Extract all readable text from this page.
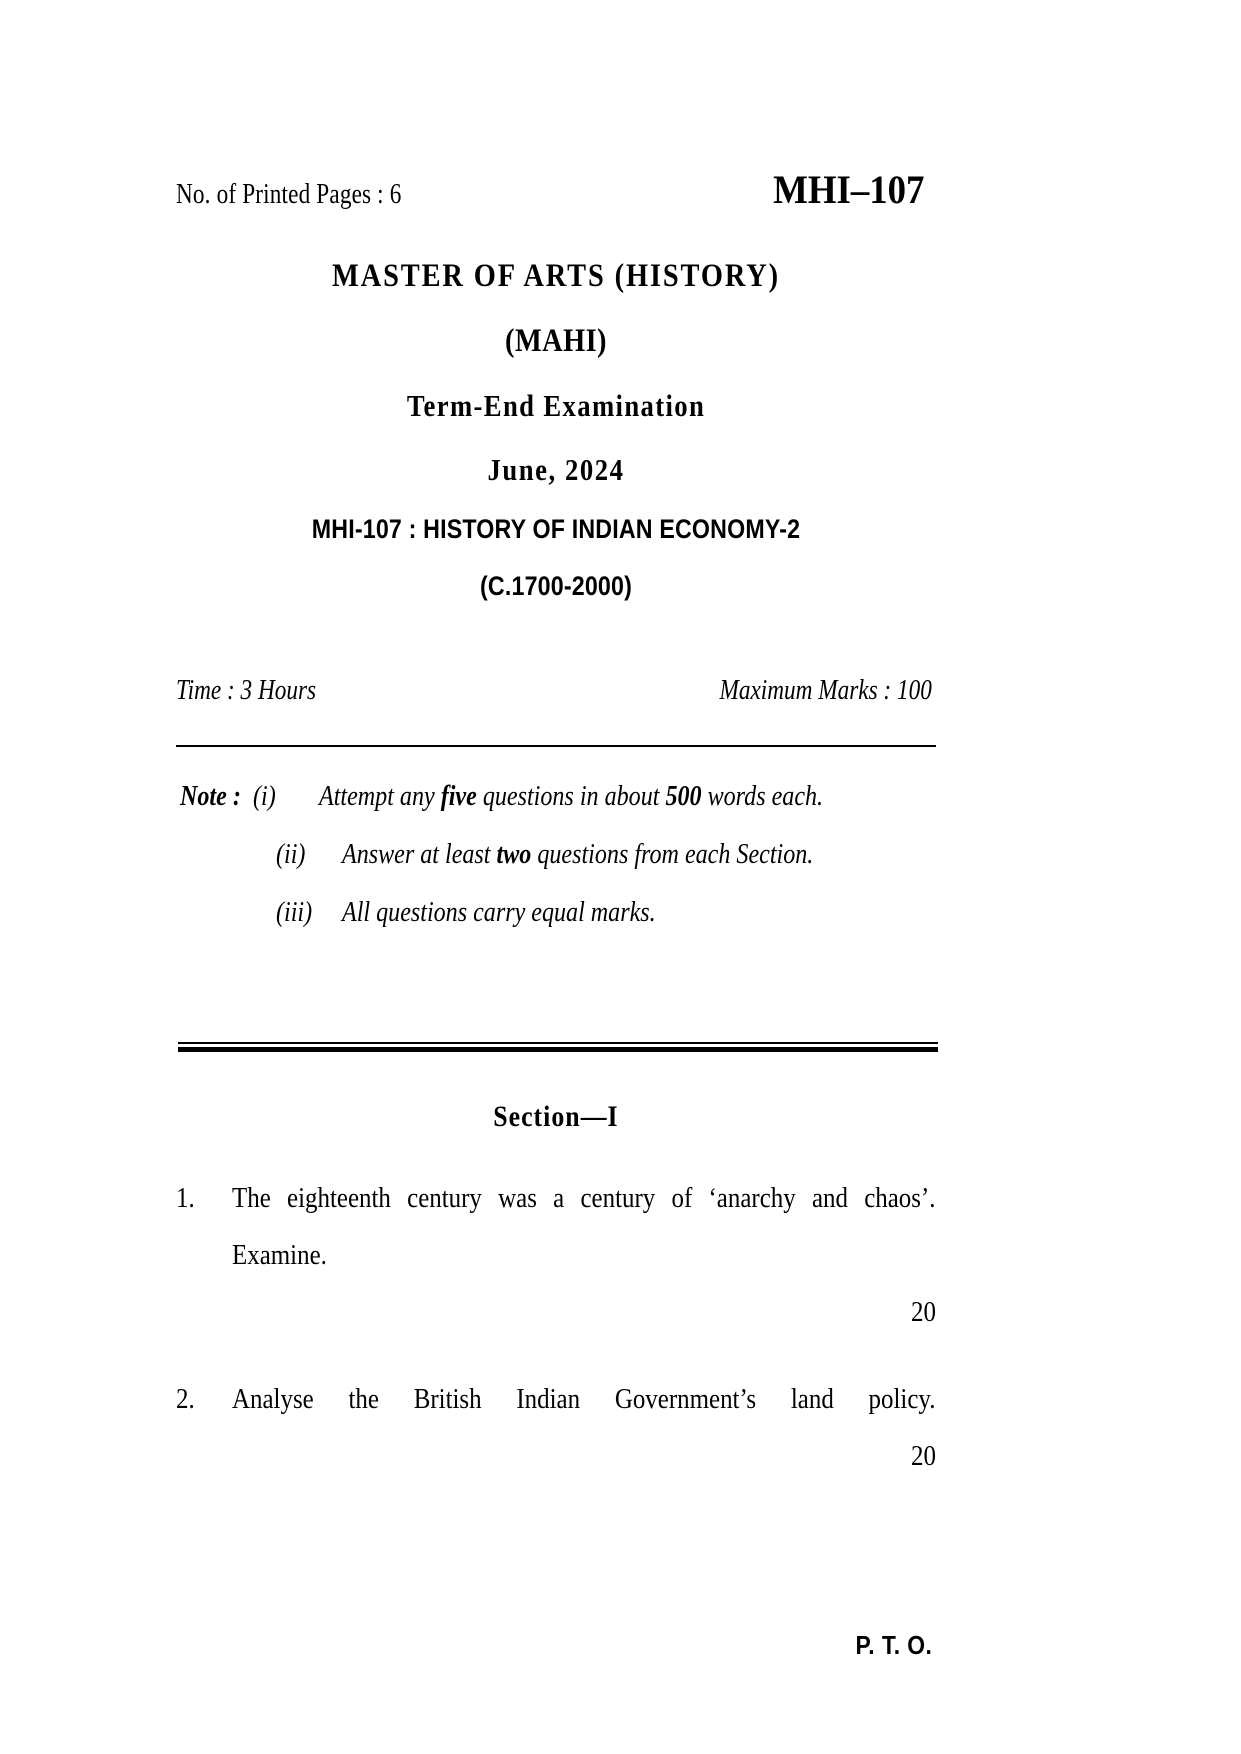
No. of Printed Pages : 6	MHI–107
MASTER OF ARTS (HISTORY)
(MAHI)
Term-End Examination
June, 2024
MHI-107 : HISTORY OF INDIAN ECONOMY-2
(C.1700-2000)
Time : 3 Hours	Maximum Marks : 100
Note : (i)	Attempt any five questions in about 500 words each.
(ii)	Answer at least two questions from each Section.
(iii)	All questions carry equal marks.
Section—I
1.	The eighteenth century was a century of ‘anarchy and chaos’. Examine.
20
2.	Analyse the British Indian Government’s land policy.
20
P. T. O.
